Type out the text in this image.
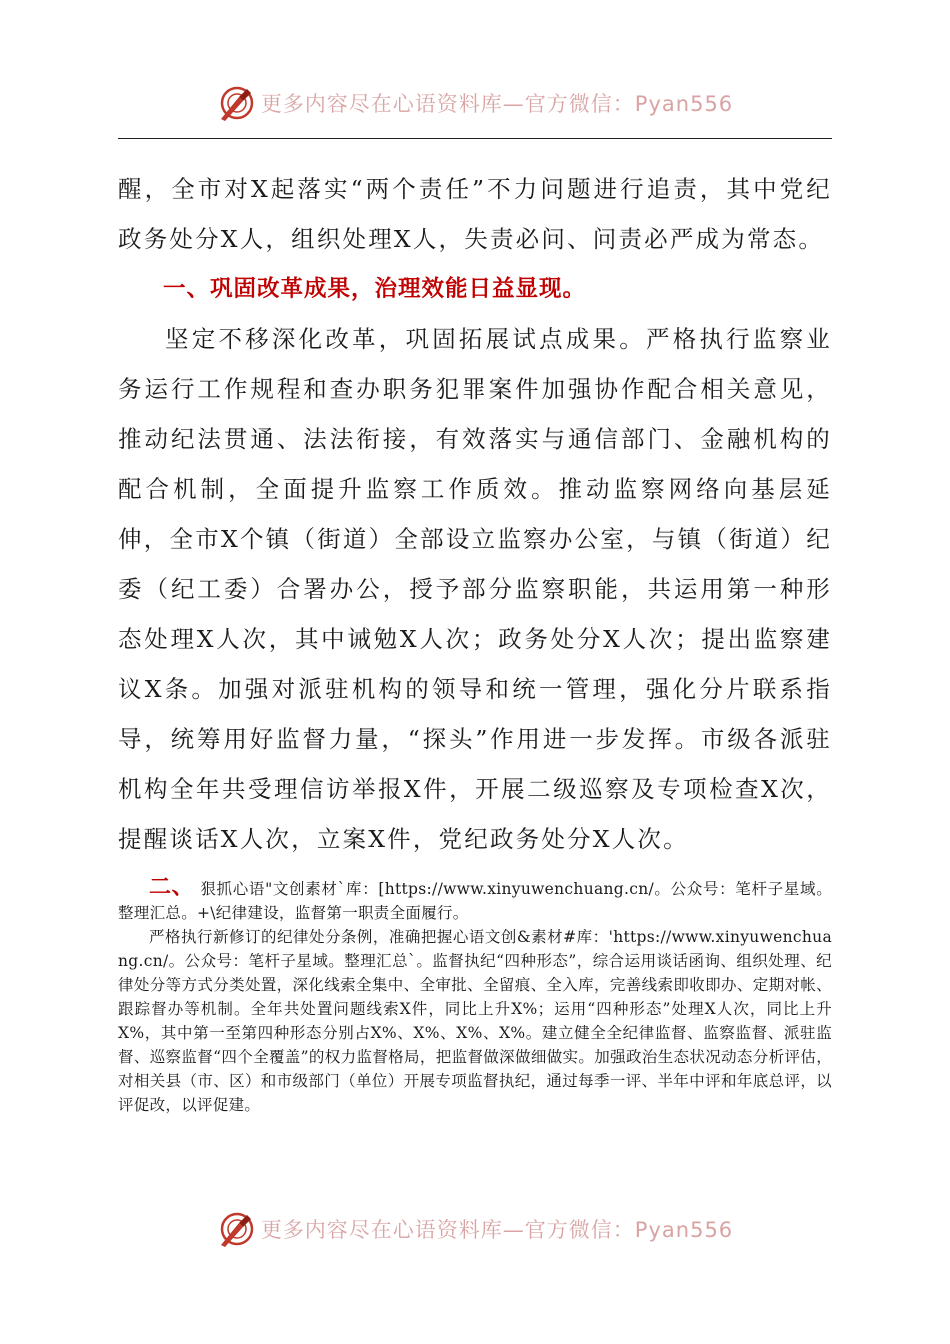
更多内容尽在心语资料库—官方微信：Pyan556

醒，全市对X起落实“两个责任”不力问题进行追责，其中党纪政务处分X人，组织处理X人，失责必问、问责必严成为常态。

一、巩固改革成果，治理效能日益显现。

坚定不移深化改革，巩固拓展试点成果。严格执行监察业务运行工作规程和查办职务犯罪案件加强协作配合相关意见，推动纪法贯通、法法衔接，有效落实与通信部门、金融机构的配合机制，全面提升监察工作质效。推动监察网络向基层延伸，全市X个镇（街道）全部设立监察办公室，与镇（街道）纪委（纪工委）合署办公，授予部分监察职能，共运用第一种形态处理X人次，其中诫勉X人次；政务处分X人次；提出监察建议X条。加强对派驻机构的领导和统一管理，强化分片联系指导，统筹用好监督力量，“探头”作用进一步发挥。市级各派驻机构全年共受理信访举报X件，开展二级巡察及专项检查X次，提醒谈话X人次，立案X件，党纪政务处分X人次。

二、 狠抓心语"文创素材`库：[https://www.xinyuwenchuang.cn/。公众号：笔杆子星域。整理汇总。+\纪律建设，监督第一职责全面履行。

严格执行新修订的纪律处分条例，准确把握心语文创&素材#库：'https://www.xinyuwenchuang.cn/。公众号：笔杆子星域。整理汇总`。监督执纪“四种形态”，综合运用谈话函询、组织处理、纪律处分等方式分类处置，深化线索全集中、全审批、全留痕、全入库，完善线索即收即办、定期对帐、跟踪督办等机制。全年共处置问题线索X件，同比上升X%；运用“四种形态”处理X人次，同比上升X%，其中第一至第四种形态分别占X%、X%、X%、X%。建立健全全纪律监督、监察监督、派驻监督、巡察监督“四个全覆盖”的权力监督格局，把监督做深做细做实。加强政治生态状况动态分析评估，对相关县（市、区）和市级部门（单位）开展专项监督执纪，通过每季一评、半年中评和年底总评，以评促改，以评促建。

更多内容尽在心语资料库—官方微信：Pyan556
